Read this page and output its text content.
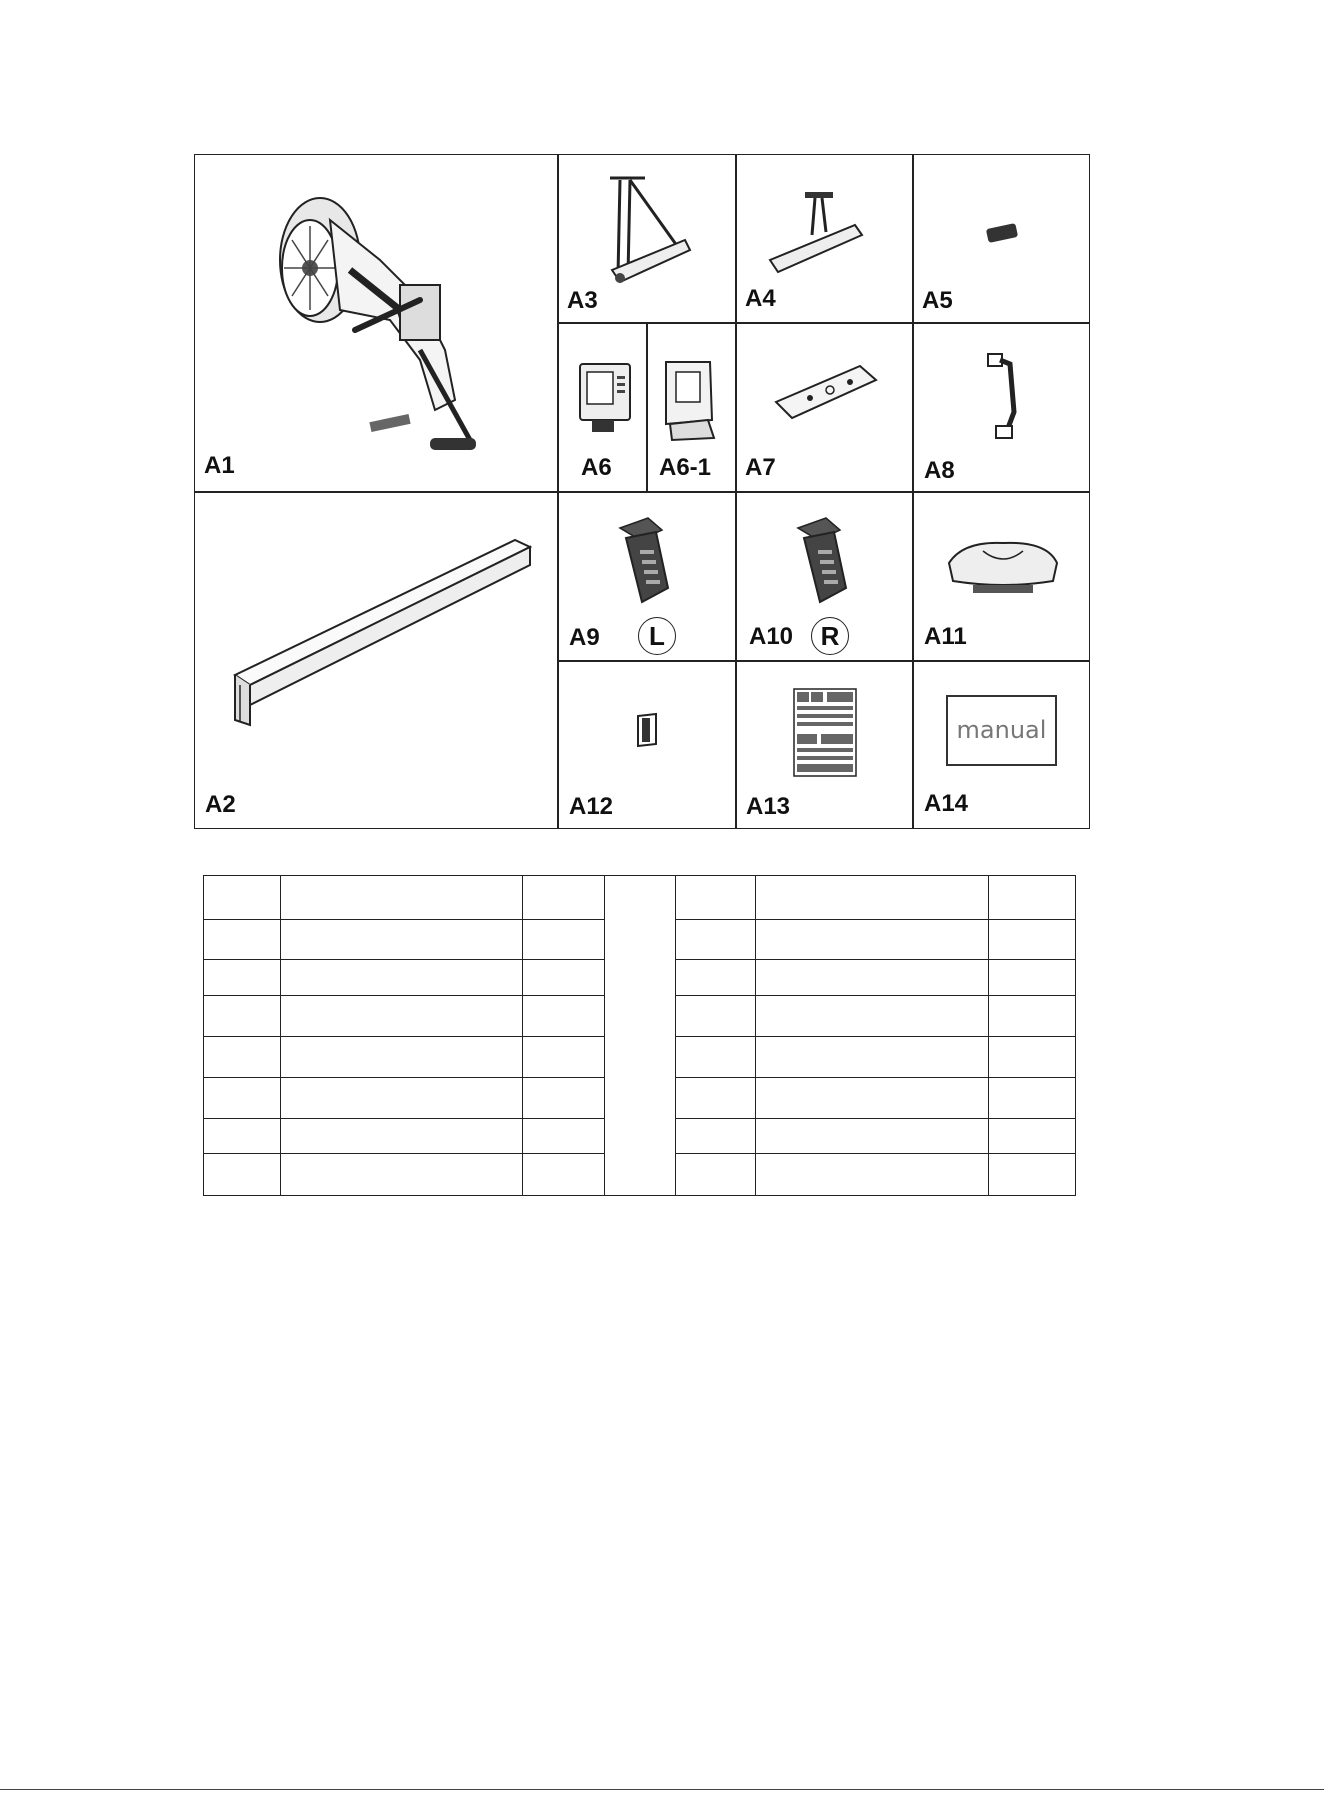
A1
A3	A4	A5
A6 A6-1 A7	A8
A2
A9	L	A10	R	A11
A12	A13
manual
A14
